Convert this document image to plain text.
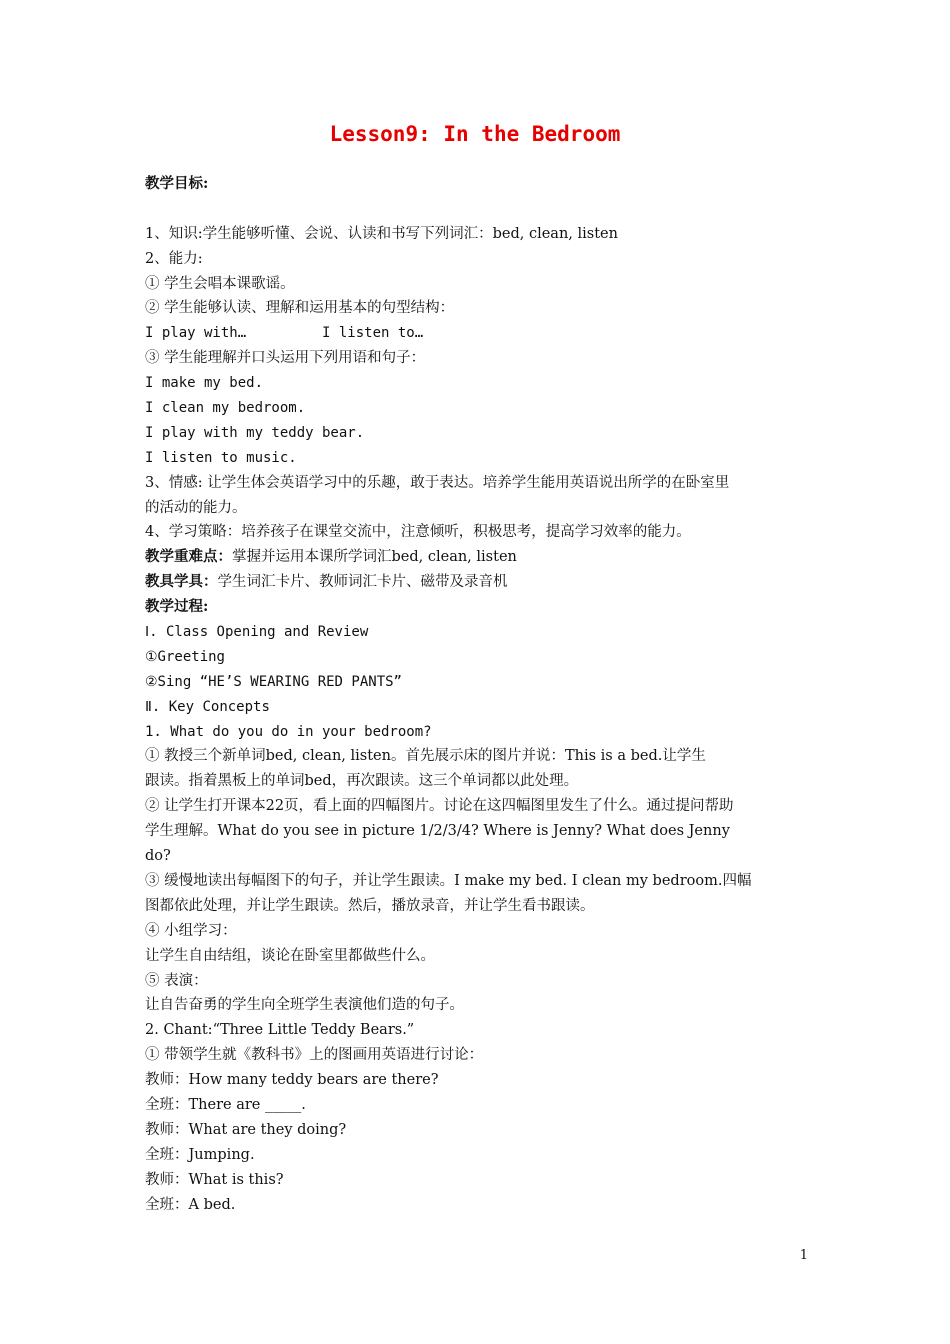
Lesson9: In the Bedroom
教学目标:
1、知识:学生能够听懂、会说、认读和书写下列词汇：bed, clean, listen
2、能力:
① 学生会唱本课歌谣。
② 学生能够认读、理解和运用基本的句型结构：
I play with…         I listen to…
③ 学生能理解并口头运用下列用语和句子：
I make my bed.
I clean my bedroom.
I play with my teddy bear.
I listen to music.
3、情感: 让学生体会英语学习中的乐趣，敢于表达。培养学生能用英语说出所学的在卧室里
的活动的能力。
4、学习策略：培养孩子在课堂交流中，注意倾听，积极思考，提高学习效率的能力。
教学重难点：掌握并运用本课所学词汇bed, clean, listen
教具学具：学生词汇卡片、教师词汇卡片、磁带及录音机
教学过程:
Ⅰ. Class Opening and Review
①Greeting
②Sing “HE’S WEARING RED PANTS”
Ⅱ. Key Concepts
1. What do you do in your bedroom?
① 教授三个新单词bed, clean, listen。首先展示床的图片并说：This is a bed.让学生
跟读。指着黑板上的单词bed，再次跟读。这三个单词都以此处理。
② 让学生打开课本22页，看上面的四幅图片。讨论在这四幅图里发生了什么。通过提问帮助
学生理解。What do you see in picture 1/2/3/4? Where is Jenny? What does Jenny
do?
③ 缓慢地读出每幅图下的句子，并让学生跟读。I make my bed. I clean my bedroom.四幅
图都依此处理，并让学生跟读。然后，播放录音，并让学生看书跟读。
④ 小组学习：
让学生自由结组，谈论在卧室里都做些什么。
⑤ 表演：
让自告奋勇的学生向全班学生表演他们造的句子。
2. Chant:“Three Little Teddy Bears.”
① 带领学生就《教科书》上的图画用英语进行讨论：
教师：How many teddy bears are there?
全班：There are _____.
教师：What are they doing?
全班：Jumping.
教师：What is this?
全班：A bed.
1
